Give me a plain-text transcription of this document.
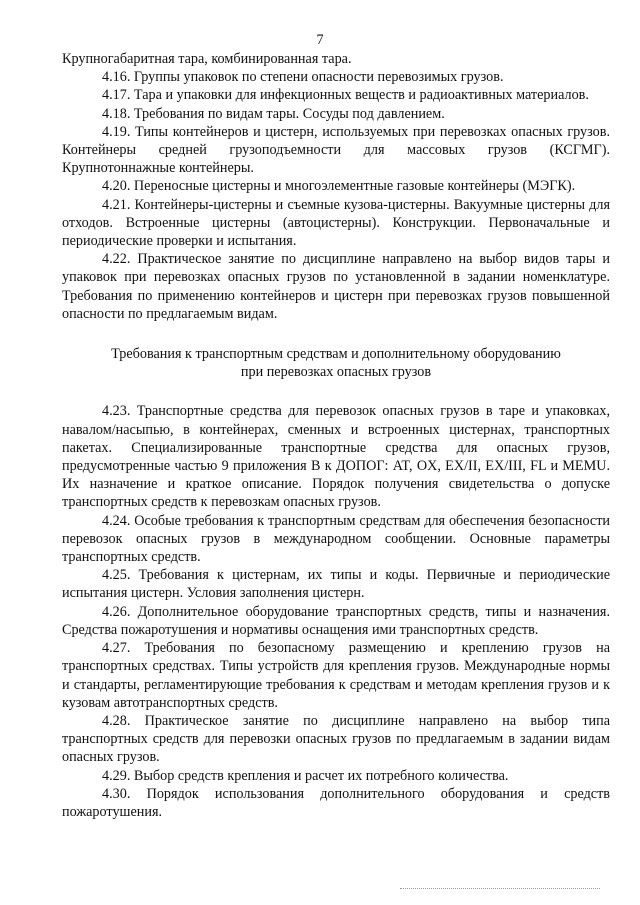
7

Крупногабаритная тара, комбинированная тара.

4.16. Группы упаковок по степени опасности перевозимых грузов.

4.17. Тара и упаковки для инфекционных веществ и радиоактивных материалов.

4.18. Требования по видам тары. Сосуды под давлением.

4.19. Типы контейнеров и цистерн, используемых при перевозках опасных грузов. Контейнеры средней грузоподъемности для массовых грузов (КСГМГ). Крупнотоннажные контейнеры.

4.20. Переносные цистерны и многоэлементные газовые контейнеры (МЭГК).

4.21. Контейнеры-цистерны и съемные кузова-цистерны. Вакуумные цистерны для отходов. Встроенные цистерны (автоцистерны). Конструкции. Первоначальные и периодические проверки и испытания.

4.22. Практическое занятие по дисциплине направлено на выбор видов тары и упаковок при перевозках опасных грузов по установленной в задании номенклатуре. Требования по применению контейнеров и цистерн при перевозках грузов повышенной опасности по предлагаемым видам.

Требования к транспортным средствам и дополнительному оборудованию

при перевозках опасных грузов

4.23. Транспортные средства для перевозок опасных грузов в таре и упаковках, навалом/насыпью, в контейнерах, сменных и встроенных цистернах, транспортных пакетах. Специализированные транспортные средства для опасных грузов, предусмотренные частью 9 приложения В к ДОПОГ: AT, OX, EX/II, EX/III, FL и MEMU. Их назначение и краткое описание. Порядок получения свидетельства о допуске транспортных средств к перевозкам опасных грузов.

4.24. Особые требования к транспортным средствам для обеспечения безопасности перевозок опасных грузов в международном сообщении. Основные параметры транспортных средств.

4.25. Требования к цистернам, их типы и коды. Первичные и периодические испытания цистерн. Условия заполнения цистерн.

4.26. Дополнительное оборудование транспортных средств, типы и назначения. Средства пожаротушения и нормативы оснащения ими транспортных средств.

4.27. Требования по безопасному размещению и креплению грузов на транспортных средствах. Типы устройств для крепления грузов. Международные нормы и стандарты, регламентирующие требования к средствам и методам крепления грузов и к кузовам автотранспортных средств.

4.28. Практическое занятие по дисциплине направлено на выбор типа транспортных средств для перевозки опасных грузов по предлагаемым в задании видам опасных грузов.

4.29. Выбор средств крепления и расчет их потребного количества.

4.30. Порядок использования дополнительного оборудования и средств пожаротушения.
